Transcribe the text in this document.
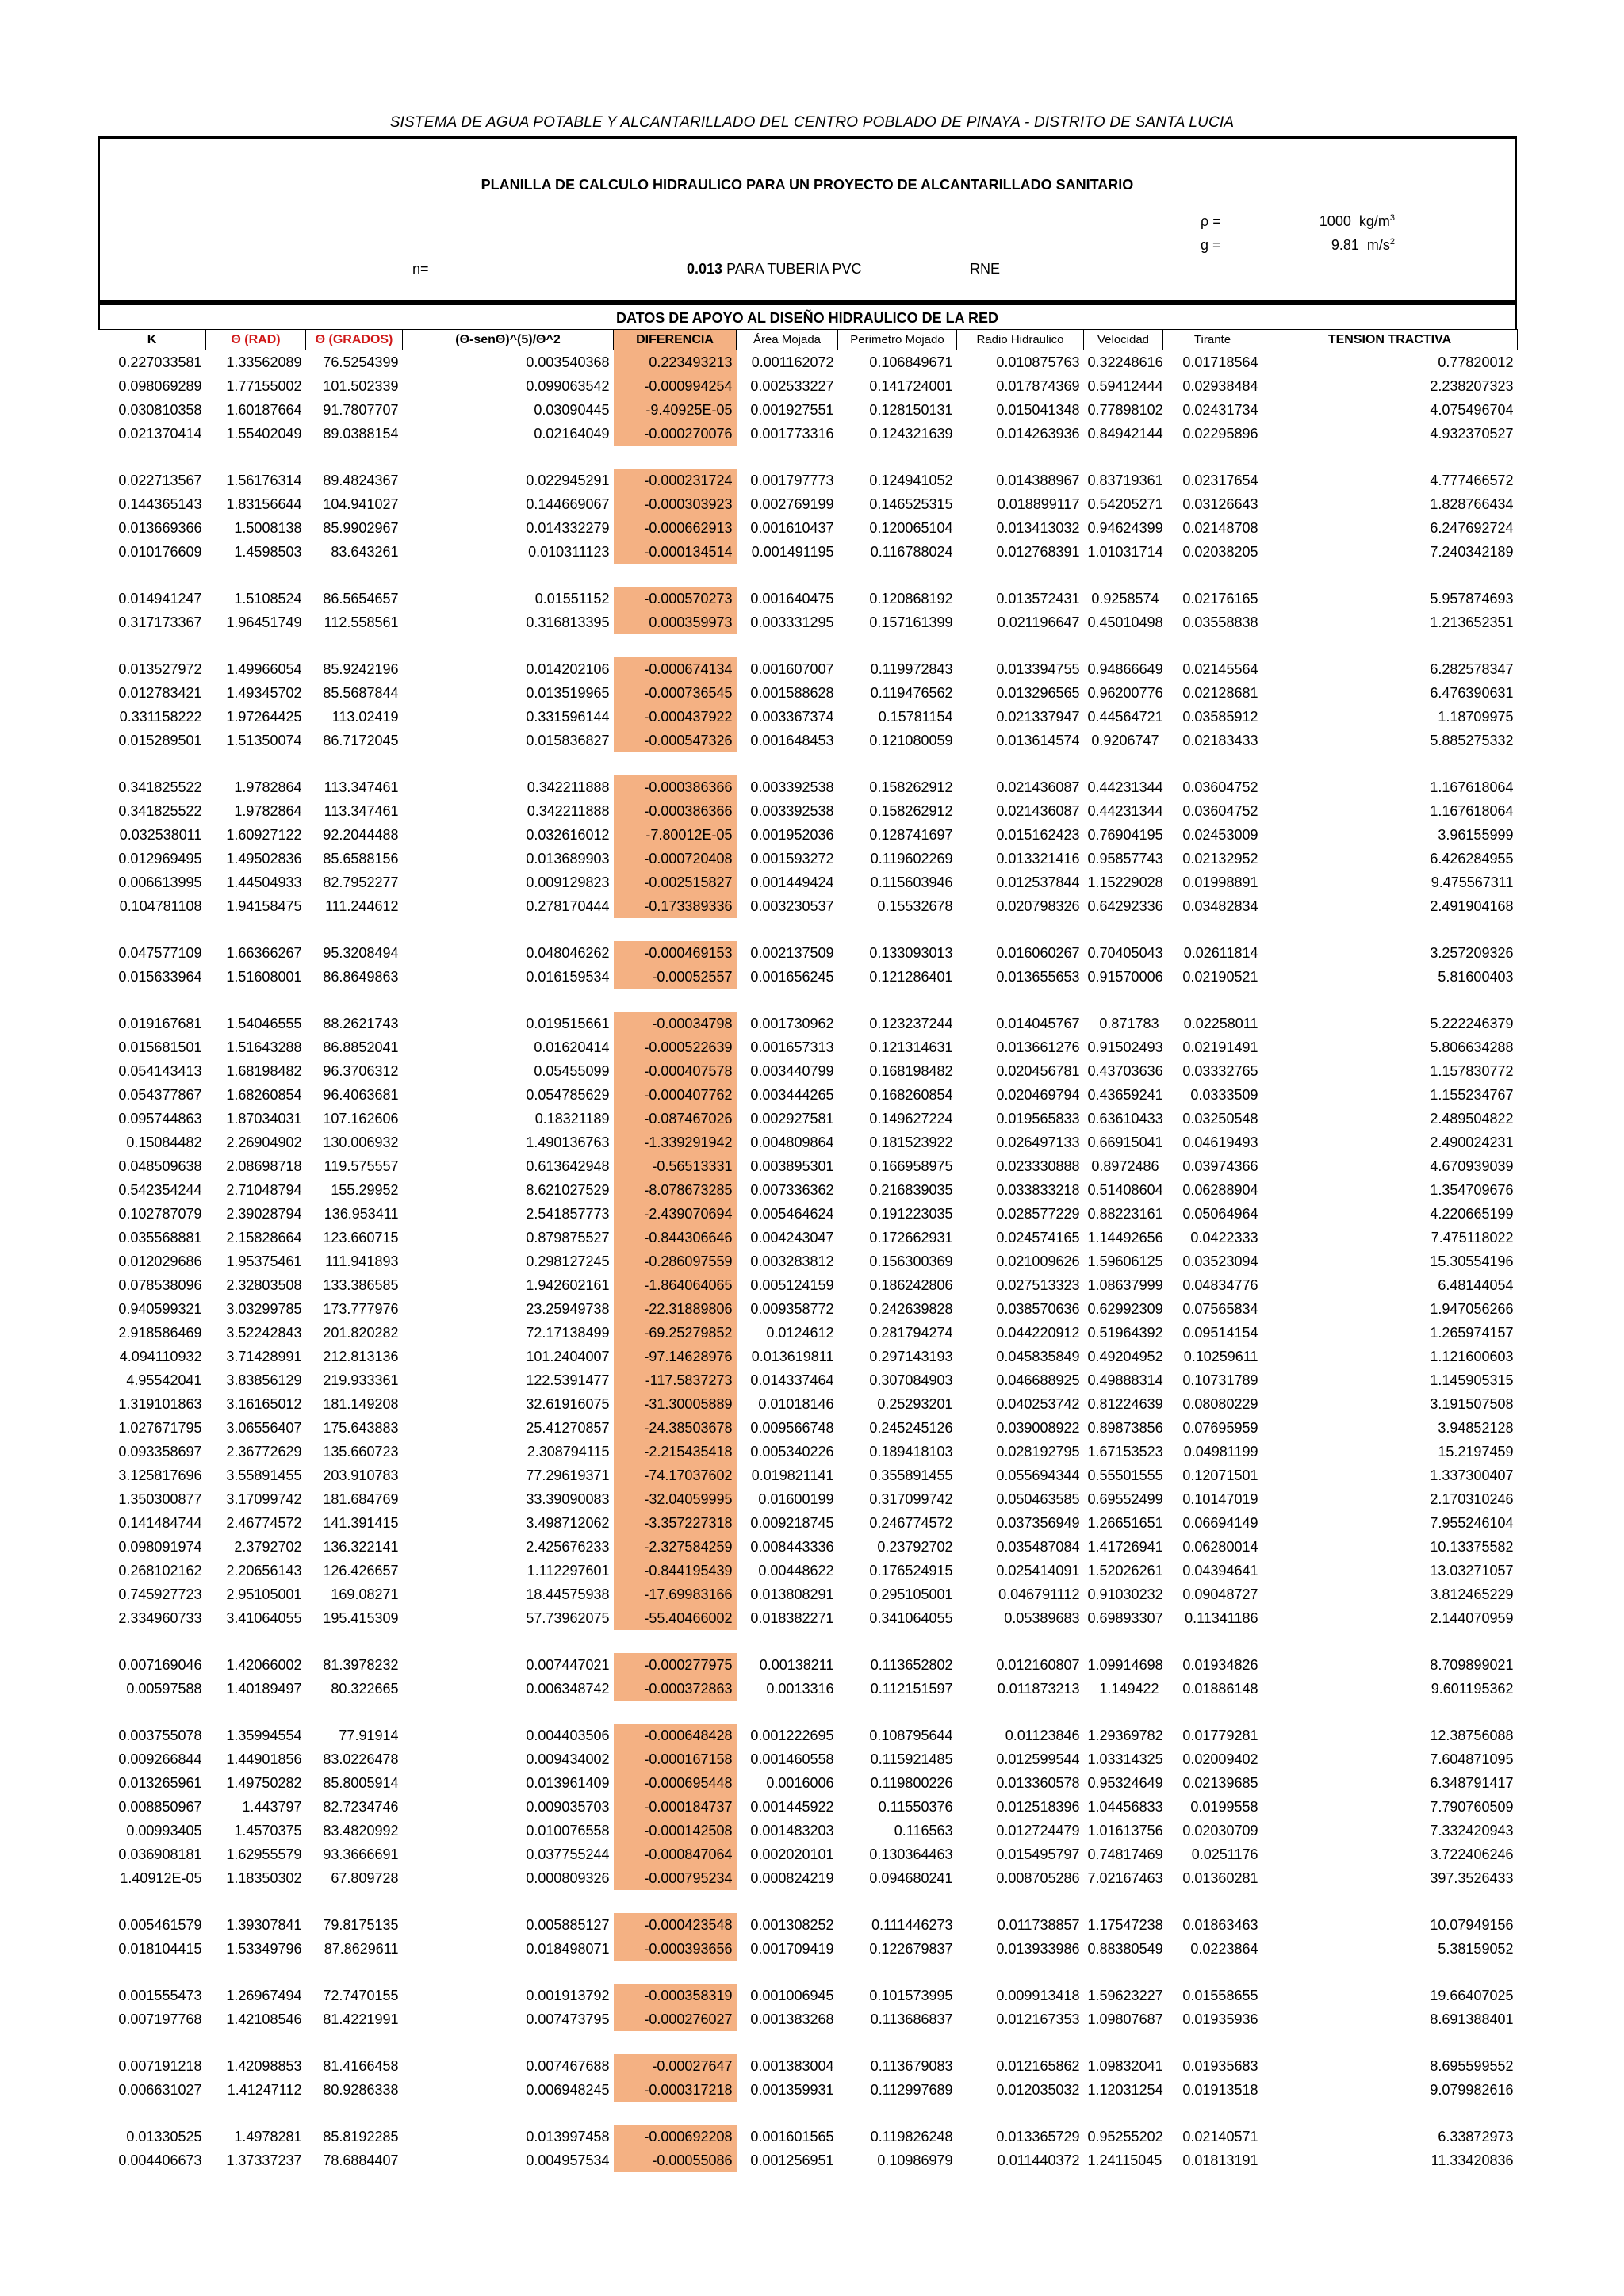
SISTEMA DE AGUA POTABLE Y ALCANTARILLADO DEL CENTRO POBLADO DE PINAYA - DISTRITO DE SANTA LUCIA
PLANILLA DE CALCULO HIDRAULICO PARA UN PROYECTO DE ALCANTARILLADO SANITARIO
ρ =	1000 $kg/m^3$
g =	9.81 $m/s^2$
n=	0.013 PARA TUBERIA PVC	RNE
DATOS DE APOYO AL DISEÑO HIDRAULICO DE LA RED
K	Θ (RAD)	Θ (GRADOS)	(Θ-senΘ)^(5)/Θ^2	DIFERENCIA	Área Mojada	Perimetro Mojado	Radio Hidraulico	Velocidad	Tirante	TENSION TRACTIVA
0.227033581	1.33562089	76.5254399	0.003540368	0.223493213	0.001162072	0.106849671	0.010875763	0.32248616	0.01718564	0.77820012
0.098069289	1.77155002	101.502339	0.099063542	-0.000994254	0.002533227	0.141724001	0.017874369	0.59412444	0.02938484	2.238207323
0.030810358	1.60187664	91.7807707	0.03090445	-9.40925E-05	0.001927551	0.128150131	0.015041348	0.77898102	0.02431734	4.075496704
0.021370414	1.55402049	89.0388154	0.02164049	-0.000270076	0.001773316	0.124321639	0.014263936	0.84942144	0.02295896	4.932370527

0.022713567	1.56176314	89.4824367	0.022945291	-0.000231724	0.001797773	0.124941052	0.014388967	0.83719361	0.02317654	4.777466572
0.144365143	1.83156644	104.941027	0.144669067	-0.000303923	0.002769199	0.146525315	0.018899117	0.54205271	0.03126643	1.828766434
0.013669366	1.5008138	85.9902967	0.014332279	-0.000662913	0.001610437	0.120065104	0.013413032	0.94624399	0.02148708	6.247692724
0.010176609	1.4598503	83.643261	0.010311123	-0.000134514	0.001491195	0.116788024	0.012768391	1.01031714	0.02038205	7.240342189

0.014941247	1.5108524	86.5654657	0.01551152	-0.000570273	0.001640475	0.120868192	0.013572431	0.9258574	0.02176165	5.957874693
0.317173367	1.96451749	112.558561	0.316813395	0.000359973	0.003331295	0.157161399	0.021196647	0.45010498	0.03558838	1.213652351

0.013527972	1.49966054	85.9242196	0.014202106	-0.000674134	0.001607007	0.119972843	0.013394755	0.94866649	0.02145564	6.282578347
0.012783421	1.49345702	85.5687844	0.013519965	-0.000736545	0.001588628	0.119476562	0.013296565	0.96200776	0.02128681	6.476390631
0.331158222	1.97264425	113.02419	0.331596144	-0.000437922	0.003367374	0.15781154	0.021337947	0.44564721	0.03585912	1.18709975
0.015289501	1.51350074	86.7172045	0.015836827	-0.000547326	0.001648453	0.121080059	0.013614574	0.9206747	0.02183433	5.885275332

0.341825522	1.9782864	113.347461	0.342211888	-0.000386366	0.003392538	0.158262912	0.021436087	0.44231344	0.03604752	1.167618064
0.341825522	1.9782864	113.347461	0.342211888	-0.000386366	0.003392538	0.158262912	0.021436087	0.44231344	0.03604752	1.167618064
0.032538011	1.60927122	92.2044488	0.032616012	-7.80012E-05	0.001952036	0.128741697	0.015162423	0.76904195	0.02453009	3.96155999
0.012969495	1.49502836	85.6588156	0.013689903	-0.000720408	0.001593272	0.119602269	0.013321416	0.95857743	0.02132952	6.426284955
0.006613995	1.44504933	82.7952277	0.009129823	-0.002515827	0.001449424	0.115603946	0.012537844	1.15229028	0.01998891	9.475567311
0.104781108	1.94158475	111.244612	0.278170444	-0.173389336	0.003230537	0.15532678	0.020798326	0.64292336	0.03482834	2.491904168

0.047577109	1.66366267	95.3208494	0.048046262	-0.000469153	0.002137509	0.133093013	0.016060267	0.70405043	0.02611814	3.257209326
0.015633964	1.51608001	86.8649863	0.016159534	-0.00052557	0.001656245	0.121286401	0.013655653	0.91570006	0.02190521	5.81600403

0.019167681	1.54046555	88.2621743	0.019515661	-0.00034798	0.001730962	0.123237244	0.014045767	0.871783	0.02258011	5.222246379
0.015681501	1.51643288	86.8852041	0.01620414	-0.000522639	0.001657313	0.121314631	0.013661276	0.91502493	0.02191491	5.806634288
0.054143413	1.68198482	96.3706312	0.05455099	-0.000407578	0.003440799	0.168198482	0.020456781	0.43703636	0.03332765	1.157830772
0.054377867	1.68260854	96.4063681	0.054785629	-0.000407762	0.003444265	0.168260854	0.020469794	0.43659241	0.0333509	1.155234767
0.095744863	1.87034031	107.162606	0.18321189	-0.087467026	0.002927581	0.149627224	0.019565833	0.63610433	0.03250548	2.489504822
0.15084482	2.26904902	130.006932	1.490136763	-1.339291942	0.004809864	0.181523922	0.026497133	0.66915041	0.04619493	2.490024231
0.048509638	2.08698718	119.575557	0.613642948	-0.56513331	0.003895301	0.166958975	0.023330888	0.8972486	0.03974366	4.670939039
0.542354244	2.71048794	155.29952	8.621027529	-8.078673285	0.007336362	0.216839035	0.033833218	0.51408604	0.06288904	1.354709676
0.102787079	2.39028794	136.953411	2.541857773	-2.439070694	0.005464624	0.191223035	0.028577229	0.88223161	0.05064964	4.220665199
0.035568881	2.15828664	123.660715	0.879875527	-0.844306646	0.004243047	0.172662931	0.024574165	1.14492656	0.0422333	7.475118022
0.012029686	1.95375461	111.941893	0.298127245	-0.286097559	0.003283812	0.156300369	0.021009626	1.59606125	0.03523094	15.30554196
0.078538096	2.32803508	133.386585	1.942602161	-1.864064065	0.005124159	0.186242806	0.027513323	1.08637999	0.04834776	6.48144054
0.940599321	3.03299785	173.777976	23.25949738	-22.31889806	0.009358772	0.242639828	0.038570636	0.62992309	0.07565834	1.947056266
2.918586469	3.52242843	201.820282	72.17138499	-69.25279852	0.0124612	0.281794274	0.044220912	0.51964392	0.09514154	1.265974157
4.094110932	3.71428991	212.813136	101.2404007	-97.14628976	0.013619811	0.297143193	0.045835849	0.49204952	0.10259611	1.121600603
4.95542041	3.83856129	219.933361	122.5391477	-117.5837273	0.014337464	0.307084903	0.046688925	0.49888314	0.10731789	1.145905315
1.319101863	3.16165012	181.149208	32.61916075	-31.30005889	0.01018146	0.25293201	0.040253742	0.81224639	0.08080229	3.191507508
1.027671795	3.06556407	175.643883	25.41270857	-24.38503678	0.009566748	0.245245126	0.039008922	0.89873856	0.07695959	3.94852128
0.093358697	2.36772629	135.660723	2.308794115	-2.215435418	0.005340226	0.189418103	0.028192795	1.67153523	0.04981199	15.2197459
3.125817696	3.55891455	203.910783	77.29619371	-74.17037602	0.019821141	0.355891455	0.055694344	0.55501555	0.12071501	1.337300407
1.350300877	3.17099742	181.684769	33.39090083	-32.04059995	0.01600199	0.317099742	0.050463585	0.69552499	0.10147019	2.170310246
0.141484744	2.46774572	141.391415	3.498712062	-3.357227318	0.009218745	0.246774572	0.037356949	1.26651651	0.06694149	7.955246104
0.098091974	2.3792702	136.322141	2.425676233	-2.327584259	0.008443336	0.23792702	0.035487084	1.41726941	0.06280014	10.13375582
0.268102162	2.20656143	126.426657	1.112297601	-0.844195439	0.00448622	0.176524915	0.025414091	1.52026261	0.04394641	13.03271057
0.745927723	2.95105001	169.08271	18.44575938	-17.69983166	0.013808291	0.295105001	0.046791112	0.91030232	0.09048727	3.812465229
2.334960733	3.41064055	195.415309	57.73962075	-55.40466002	0.018382271	0.341064055	0.05389683	0.69893307	0.11341186	2.144070959

0.007169046	1.42066002	81.3978232	0.007447021	-0.000277975	0.00138211	0.113652802	0.012160807	1.09914698	0.01934826	8.709899021
0.00597588	1.40189497	80.322665	0.006348742	-0.000372863	0.0013316	0.112151597	0.011873213	1.149422	0.01886148	9.601195362

0.003755078	1.35994554	77.91914	0.004403506	-0.000648428	0.001222695	0.108795644	0.01123846	1.29369782	0.01779281	12.38756088
0.009266844	1.44901856	83.0226478	0.009434002	-0.000167158	0.001460558	0.115921485	0.012599544	1.03314325	0.02009402	7.604871095
0.013265961	1.49750282	85.8005914	0.013961409	-0.000695448	0.0016006	0.119800226	0.013360578	0.95324649	0.02139685	6.348791417
0.008850967	1.443797	82.7234746	0.009035703	-0.000184737	0.001445922	0.11550376	0.012518396	1.04456833	0.0199558	7.790760509
0.00993405	1.4570375	83.4820992	0.010076558	-0.000142508	0.001483203	0.116563	0.012724479	1.01613756	0.02030709	7.332420943
0.036908181	1.62955579	93.3666691	0.037755244	-0.000847064	0.002020101	0.130364463	0.015495797	0.74817469	0.0251176	3.722406246
1.40912E-05	1.18350302	67.809728	0.000809326	-0.000795234	0.000824219	0.094680241	0.008705286	7.02167463	0.01360281	397.3526433

0.005461579	1.39307841	79.8175135	0.005885127	-0.000423548	0.001308252	0.111446273	0.011738857	1.17547238	0.01863463	10.07949156
0.018104415	1.53349796	87.8629611	0.018498071	-0.000393656	0.001709419	0.122679837	0.013933986	0.88380549	0.0223864	5.38159052

0.001555473	1.26967494	72.7470155	0.001913792	-0.000358319	0.001006945	0.101573995	0.009913418	1.59623227	0.01558655	19.66407025
0.007197768	1.42108546	81.4221991	0.007473795	-0.000276027	0.001383268	0.113686837	0.012167353	1.09807687	0.01935936	8.691388401

0.007191218	1.42098853	81.4166458	0.007467688	-0.00027647	0.001383004	0.113679083	0.012165862	1.09832041	0.01935683	8.695599552
0.006631027	1.41247112	80.9286338	0.006948245	-0.000317218	0.001359931	0.112997689	0.012035032	1.12031254	0.01913518	9.079982616

0.01330525	1.4978281	85.8192285	0.013997458	-0.000692208	0.001601565	0.119826248	0.013365729	0.95255202	0.02140571	6.33872973
0.004406673	1.37337237	78.6884407	0.004957534	-0.00055086	0.001256951	0.10986979	0.011440372	1.24115045	0.01813191	11.33420836
